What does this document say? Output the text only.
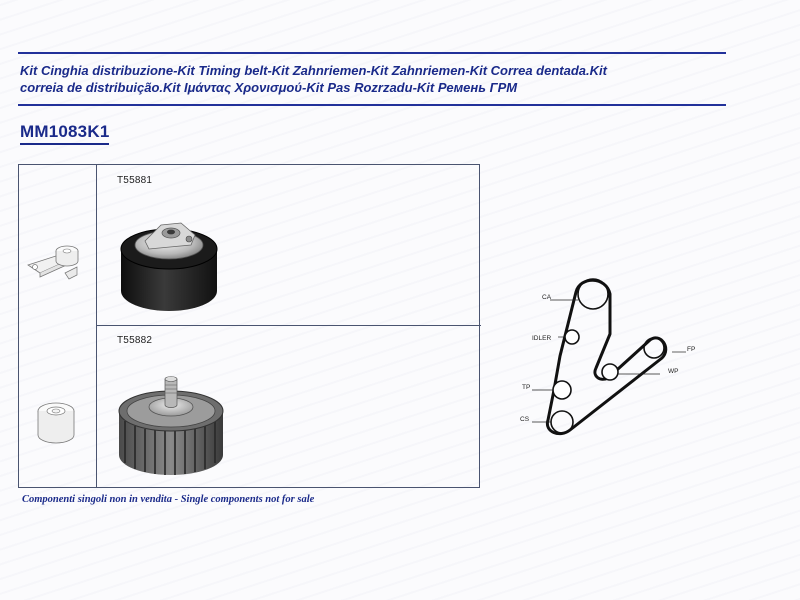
Kit Cinghia distribuzione-Kit Timing belt-Kit Zahnriemen-Kit Zahnriemen-Kit Correa dentada.Kit
correia de distribuição.Kit Ιμάντας Χρονισμού-Kit Pas Rozrzadu-Kit Ремень ГРМ
MM1083K1
T55881
T55882
CA
IDLER
FP
WP
TP
CS
Componenti singoli non in vendita - Single components not for sale
